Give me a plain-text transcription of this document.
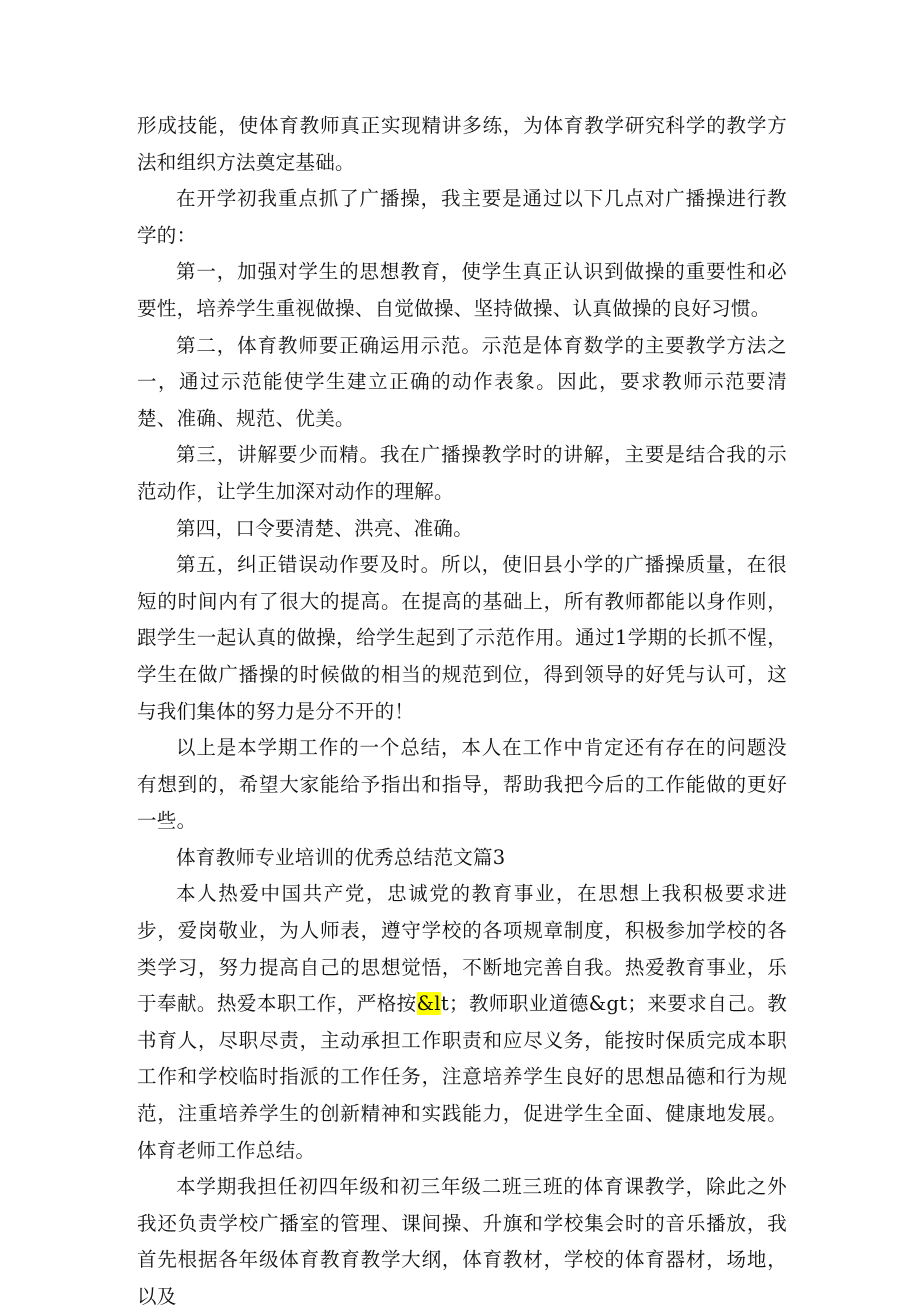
形成技能，使体育教师真正实现精讲多练，为体育教学研究科学的教学方法和组织方法奠定基础。

在开学初我重点抓了广播操，我主要是通过以下几点对广播操进行教学的：

第一，加强对学生的思想教育，使学生真正认识到做操的重要性和必要性，培养学生重视做操、自觉做操、坚持做操、认真做操的良好习惯。

第二，体育教师要正确运用示范。示范是体育数学的主要教学方法之一，通过示范能使学生建立正确的动作表象。因此，要求教师示范要清楚、准确、规范、优美。

第三，讲解要少而精。我在广播操教学时的讲解，主要是结合我的示范动作，让学生加深对动作的理解。

第四，口令要清楚、洪亮、准确。

第五，纠正错误动作要及时。所以，使旧县小学的广播操质量，在很短的时间内有了很大的提高。在提高的基础上，所有教师都能以身作则，跟学生一起认真的做操，给学生起到了示范作用。通过1学期的长抓不惺，学生在做广播操的时候做的相当的规范到位，得到领导的好凭与认可，这与我们集体的努力是分不开的！

以上是本学期工作的一个总结，本人在工作中肯定还有存在的问题没有想到的，希望大家能给予指出和指导，帮助我把今后的工作能做的更好一些。

体育教师专业培训的优秀总结范文篇3

本人热爱中国共产党，忠诚党的教育事业，在思想上我积极要求进步，爱岗敬业，为人师表，遵守学校的各项规章制度，积极参加学校的各类学习，努力提高自己的思想觉悟，不断地完善自我。热爱教育事业，乐于奉献。热爱本职工作，严格按&lt；教师职业道德&gt；来要求自己。教书育人，尽职尽责，主动承担工作职责和应尽义务，能按时保质完成本职工作和学校临时指派的工作任务，注意培养学生良好的思想品德和行为规范，注重培养学生的创新精神和实践能力，促进学生全面、健康地发展。体育老师工作总结。

本学期我担任初四年级和初三年级二班三班的体育课教学，除此之外我还负责学校广播室的管理、课间操、升旗和学校集会时的音乐播放，我首先根据各年级体育教育教学大纲，体育教材，学校的体育器材，场地，以及
